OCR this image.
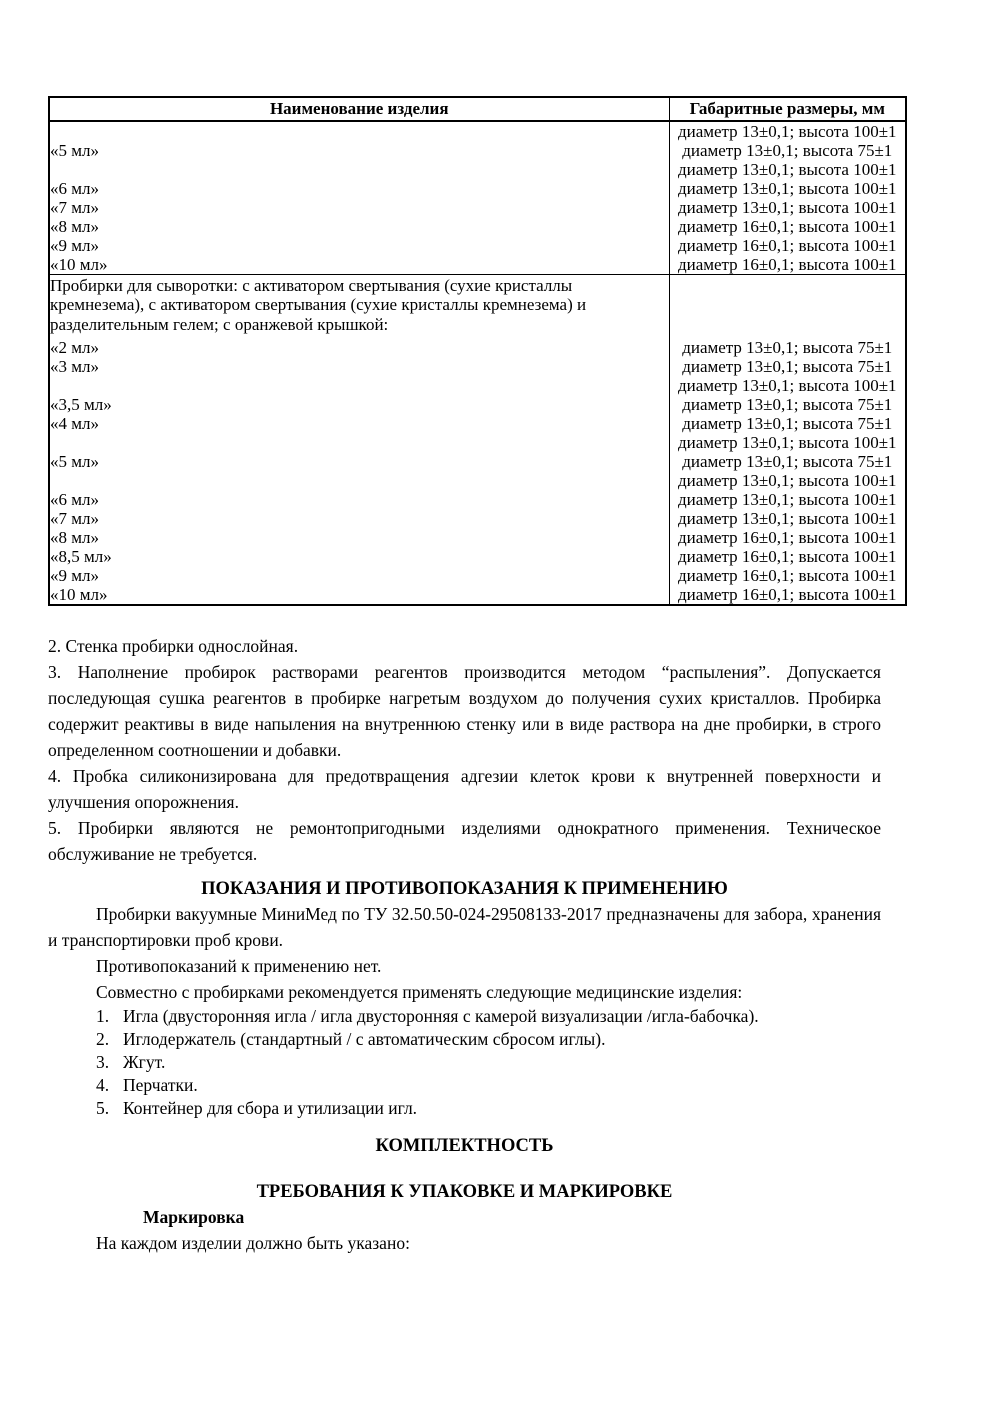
Наименование изделия	Габаритные размеры, мм
	диаметр 13±0,1; высота 100±1
«5 мл»	диаметр 13±0,1; высота 75±1
	диаметр 13±0,1; высота 100±1
«6 мл»	диаметр 13±0,1; высота 100±1
«7 мл»	диаметр 13±0,1; высота 100±1
«8 мл»	диаметр 16±0,1; высота 100±1
«9 мл»	диаметр 16±0,1; высота 100±1
«10 мл»	диаметр 16±0,1; высота 100±1

Пробирки для сыворотки: с активатором свертывания (сухие кристаллы кремнезема), с активатором свертывания (сухие кристаллы кремнезема) и разделительным гелем; с оранжевой крышкой:	

«2 мл»	диаметр 13±0,1; высота 75±1
«3 мл»	диаметр 13±0,1; высота 75±1
	диаметр 13±0,1; высота 100±1
«3,5 мл»	диаметр 13±0,1; высота 75±1
«4 мл»	диаметр 13±0,1; высота 75±1
	диаметр 13±0,1; высота 100±1
«5 мл»	диаметр 13±0,1; высота 75±1
	диаметр 13±0,1; высота 100±1
«6 мл»	диаметр 13±0,1; высота 100±1
«7 мл»	диаметр 13±0,1; высота 100±1
«8 мл»	диаметр 16±0,1; высота 100±1
«8,5 мл»	диаметр 16±0,1; высота 100±1
«9 мл»	диаметр 16±0,1; высота 100±1
«10 мл»	диаметр 16±0,1; высота 100±1

2. Стенка пробирки однослойная.

3. Наполнение пробирок растворами реагентов производится методом “распыления”. Допускается последующая сушка реагентов в пробирке нагретым воздухом до получения сухих кристаллов. Пробирка содержит реактивы в виде напыления на внутреннюю стенку или в виде раствора на дне пробирки, в строго определенном соотношении и добавки.

4. Пробка силиконизирована для предотвращения адгезии клеток крови к внутренней поверхности и улучшения опорожнения.

5. Пробирки являются не ремонтопригодными изделиями однократного применения. Техническое обслуживание не требуется.

ПОКАЗАНИЯ И ПРОТИВОПОКАЗАНИЯ К ПРИМЕНЕНИЮ

Пробирки вакуумные МиниМед по ТУ 32.50.50-024-29508133-2017 предназначены для забора, хранения и транспортировки проб крови.

Противопоказаний к применению нет.

Совместно с пробирками рекомендуется применять следующие медицинские изделия:

1. Игла (двусторонняя игла / игла двусторонняя с камерой визуализации /игла-бабочка).
2. Иглодержатель (стандартный / с автоматическим сбросом иглы).
3. Жгут.
4. Перчатки.
5. Контейнер для сбора и утилизации игл.
КОМПЛЕКТНОСТЬ

ТРЕБОВАНИЯ К УПАКОВКЕ И МАРКИРОВКЕ

Маркировка

На каждом изделии должно быть указано:
